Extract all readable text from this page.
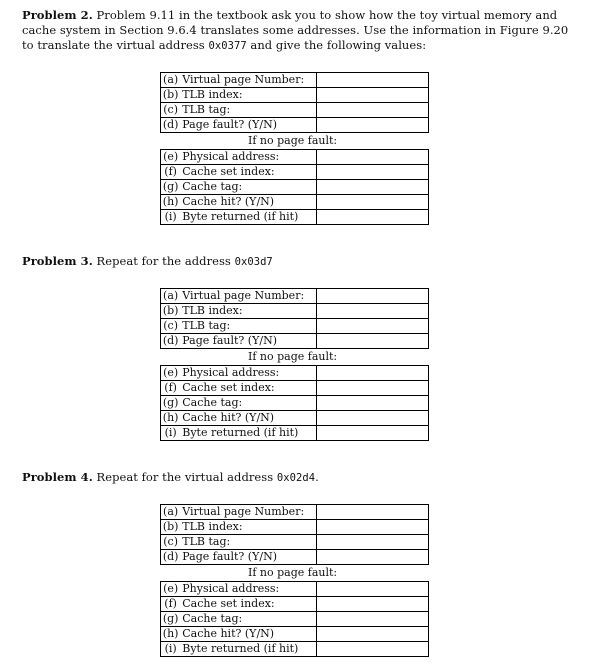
Problem 2. Problem 9.11 in the textbook ask you to show how the toy virtual memory and cache system in Section 9.6.4 translates some addresses. Use the information in Figure 9.20 to translate the virtual address 0x0377 and give the following values:
(a)	Virtual page Number:	
(b)	TLB index:	
(c)	TLB tag:	
(d)	Page fault? (Y/N)	
If no page fault:
(e)	Physical address:	
(f)	Cache set index:	
(g)	Cache tag:	
(h)	Cache hit? (Y/N)	
(i)	Byte returned (if hit)	
Problem 3. Repeat for the address 0x03d7
(a)	Virtual page Number:	
(b)	TLB index:	
(c)	TLB tag:	
(d)	Page fault? (Y/N)	
If no page fault:
(e)	Physical address:	
(f)	Cache set index:	
(g)	Cache tag:	
(h)	Cache hit? (Y/N)	
(i)	Byte returned (if hit)	
Problem 4. Repeat for the virtual address 0x02d4.
(a)	Virtual page Number:	
(b)	TLB index:	
(c)	TLB tag:	
(d)	Page fault? (Y/N)	
If no page fault:
(e)	Physical address:	
(f)	Cache set index:	
(g)	Cache tag:	
(h)	Cache hit? (Y/N)	
(i)	Byte returned (if hit)	
